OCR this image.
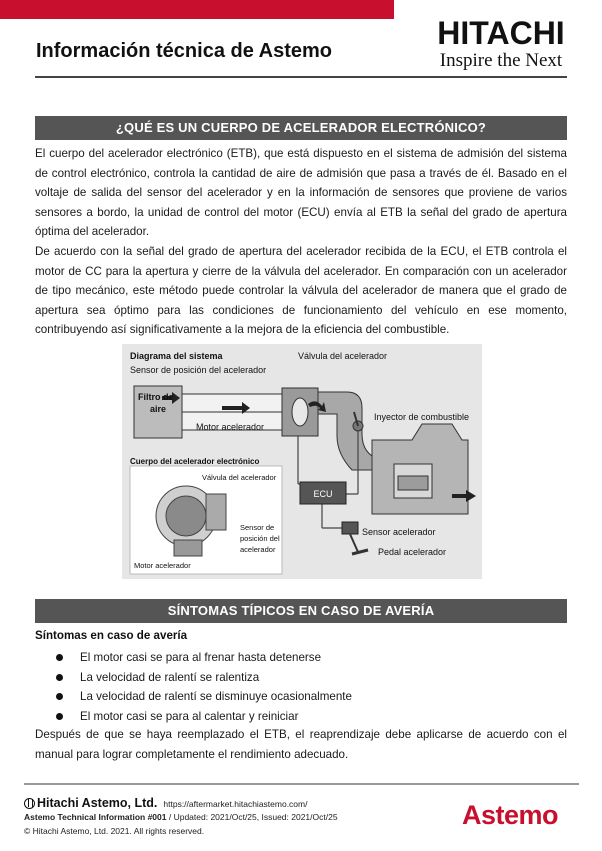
Información técnica de Astemo	HITACHI
Inspire the Next
¿QUÉ ES UN CUERPO DE ACELERADOR ELECTRÓNICO?

El cuerpo del acelerador electrónico (ETB), que está dispuesto en el sistema de admisión del sistema de control electrónico, controla la cantidad de aire de admisión que pasa a través de él. Basado en el voltaje de salida del sensor del acelerador y en la información de sensores que proviene de varios sensores a bordo, la unidad de control del motor (ECU) envía al ETB la señal del grado de apertura óptima del acelerador.

De acuerdo con la señal del grado de apertura del acelerador recibida de la ECU, el ETB controla el motor de CC para la apertura y cierre de la válvula del acelerador. En comparación con un acelerador de tipo mecánico, este método puede controlar la válvula del acelerador de manera que el grado de apertura sea óptimo para las condiciones de funcionamiento del vehículo en ese momento, contribuyendo así significativamente a la mejora de la eficiencia del combustible.

ECU
Diagrama del sistema
Sensor de posición del acelerador
Válvula del acelerador
Filtro de
aire
Motor acelerador
Inyector de combustible
Cuerpo del acelerador electrónico
Válvula del acelerador
Sensor de
posición del
acelerador
Motor acelerador
Sensor acelerador
Pedal acelerador
SÍNTOMAS TÍPICOS EN CASO DE AVERÍA
Síntomas en caso de avería
El motor casi se para al frenar hasta detenerse
La velocidad de ralentí se ralentiza
La velocidad de ralentí se disminuye ocasionalmente
El motor casi se para al calentar y reiniciar

Después de que se haya reemplazado el ETB, el reaprendizaje debe aplicarse de acuerdo con el manual para lograr completamente el rendimiento adecuado.

Hitachi Astemo, Ltd. https://aftermarket.hitachiastemo.com/
Astemo Technical Information #001 / Updated: 2021/Oct/25, Issued: 2021/Oct/25
© Hitachi Astemo, Ltd. 2021. All rights reserved.
Astemo
